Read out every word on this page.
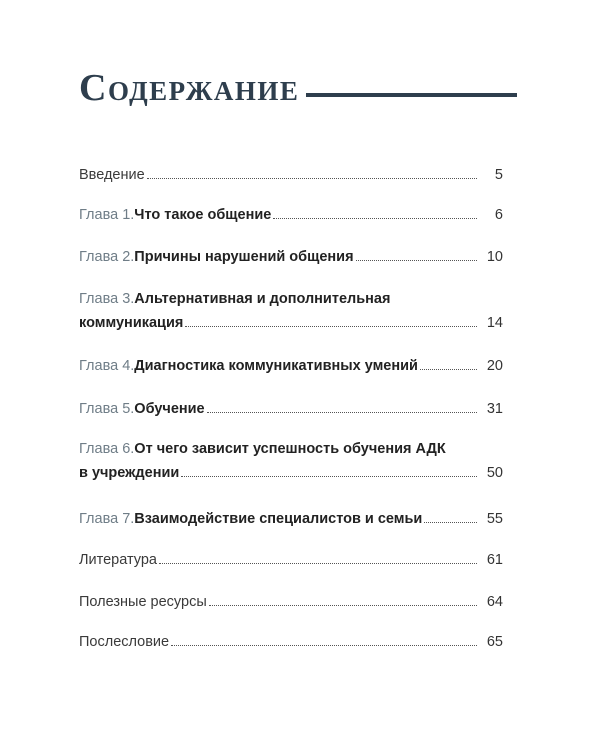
Содержание
Введение	5
Глава 1. Что такое общение	6
Глава 2. Причины нарушений общения	10
Глава 3. Альтернативная и дополнительная
коммуникация	14
Глава 4. Диагностика коммуникативных умений	20
Глава 5. Обучение	31
Глава 6. От чего зависит успешность обучения АДК
в учреждении	50
Глава 7. Взаимодействие специалистов и семьи	55
Литература	61
Полезные ресурсы	64
Послесловие	65
